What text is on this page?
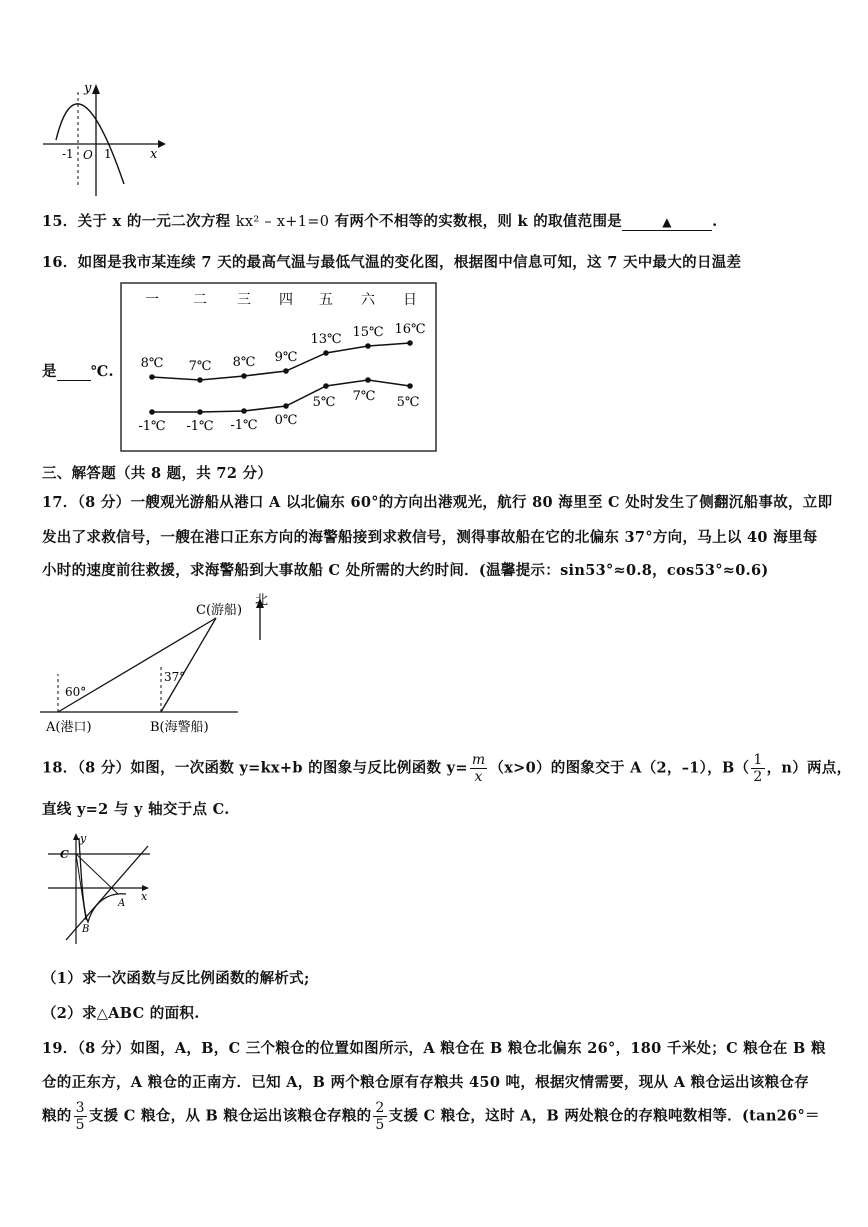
y
x
-1 O 1
15．关于 x 的一元二次方程 kx² – x+1=0 有两个不相等的实数根，则 k 的取值范围是	▲	.
16．如图是我市某连续 7 天的最高气温与最低气温的变化图，根据图中信息可知，这 7 天中最大的日温差
是 ℃.
一 二 三 四 五 六 日
8℃ 7℃ 8℃ 9℃
13℃ 15℃ 16℃
-1℃ -1℃ -1℃ 0℃
5℃ 7℃ 5℃
三、解答题（共 8 题，共 72 分）
17．（8 分）一艘观光游船从港口 A 以北偏东 60°的方向出港观光，航行 80 海里至 C 处时发生了侧翻沉船事故，立即
发出了求救信号，一艘在港口正东方向的海警船接到求救信号，测得事故船在它的北偏东 37°方向，马上以 40 海里每
小时的速度前往救援，求海警船到大事故船 C 处所需的大约时间．(温馨提示：sin53°≈0.8，cos53°≈0.6)
C(游船)
北
60°
37°
A(港口)	B(海警船)
18．（8 分）如图，一次函数 y=kx+b 的图象与反比例函数 $y= \frac{m}{x} (x>0)$的图象交于 A（2，–1），$B( \frac{1}{2}$ ，n）两点，
直线 y=2 与 y 轴交于点 C.
C
y
x
A
B
（1）求一次函数与反比例函数的解析式;
（2）求△ABC 的面积.
19．（8 分）如图，A，B，C 三个粮仓的位置如图所示，A 粮仓在 B 粮仓北偏东 26°，180 千米处；C 粮仓在 B 粮
仓的正东方，A 粮仓的正南方．已知 A，B 两个粮仓原有存粮共 450 吨，根据灾情需要，现从 A 粮仓运出该粮仓存
粮的 $\frac{3}{5}$ 支援 C 粮仓，从 B 粮仓运出该粮仓存粮的 $\frac{2}{5}$ 支援 C 粮仓，这时 A，B 两处粮仓的存粮吨数相等．(tan26°＝
